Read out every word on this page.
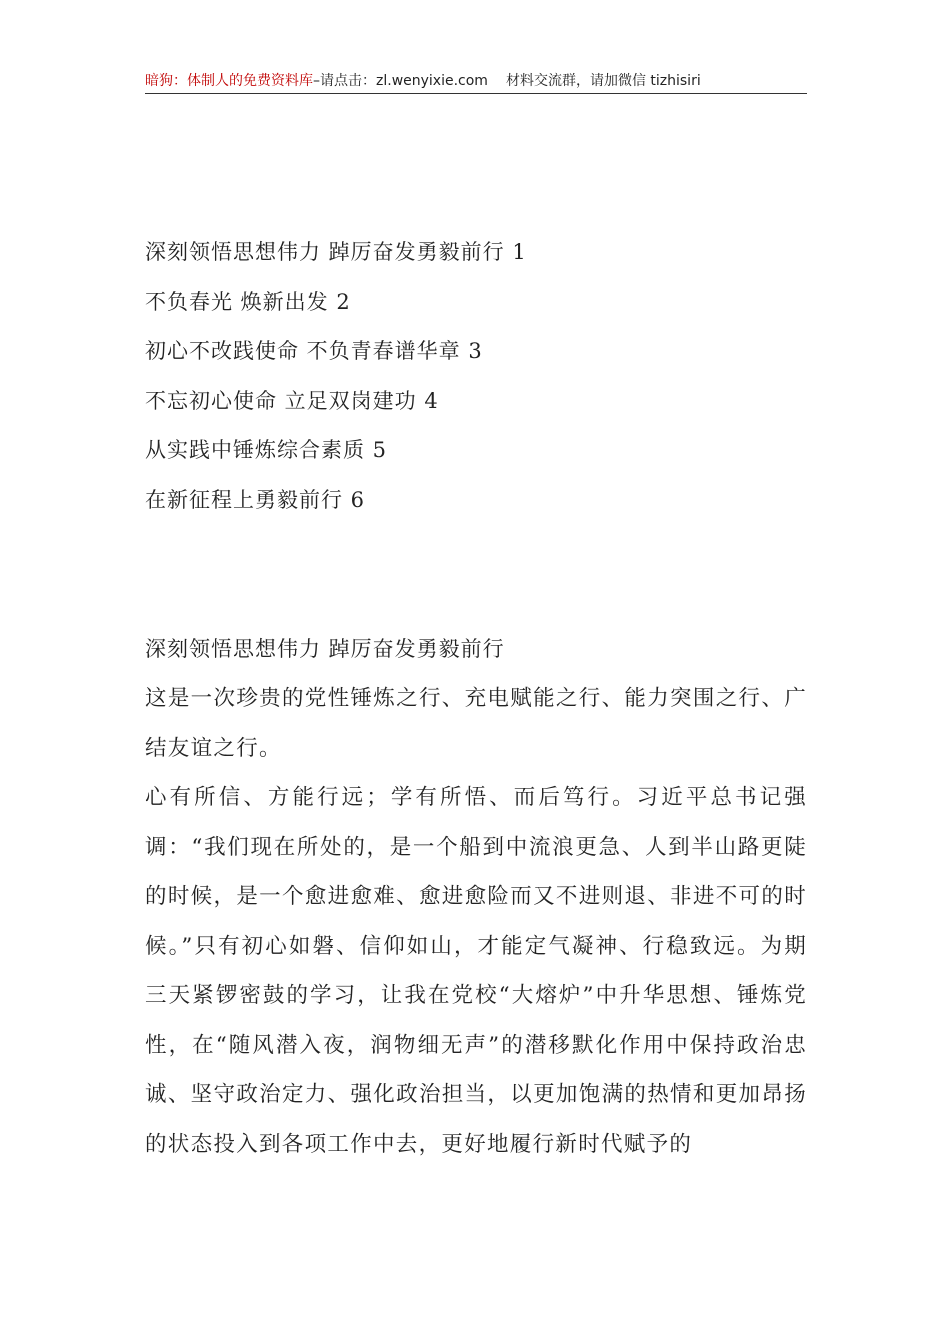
暗狗：体制人的免费资料库–请点击：zl.wenyixie.com 材料交流群，请加微信 tizhisiri
深刻领悟思想伟力 踔厉奋发勇毅前行 1
不负春光 焕新出发 2
初心不改践使命 不负青春谱华章 3
不忘初心使命 立足双岗建功 4
从实践中锤炼综合素质 5
在新征程上勇毅前行 6
深刻领悟思想伟力 踔厉奋发勇毅前行

这是一次珍贵的党性锤炼之行、充电赋能之行、能力突围之行、广结友谊之行。

心有所信、方能行远；学有所悟、而后笃行。习近平总书记强调：“我们现在所处的，是一个船到中流浪更急、人到半山路更陡的时候，是一个愈进愈难、愈进愈险而又不进则退、非进不可的时候。”只有初心如磐、信仰如山，才能定气凝神、行稳致远。为期三天紧锣密鼓的学习，让我在党校“大熔炉”中升华思想、锤炼党性，在“随风潜入夜，润物细无声”的潜移默化作用中保持政治忠诚、坚守政治定力、强化政治担当，以更加饱满的热情和更加昂扬的状态投入到各项工作中去，更好地履行新时代赋予的
